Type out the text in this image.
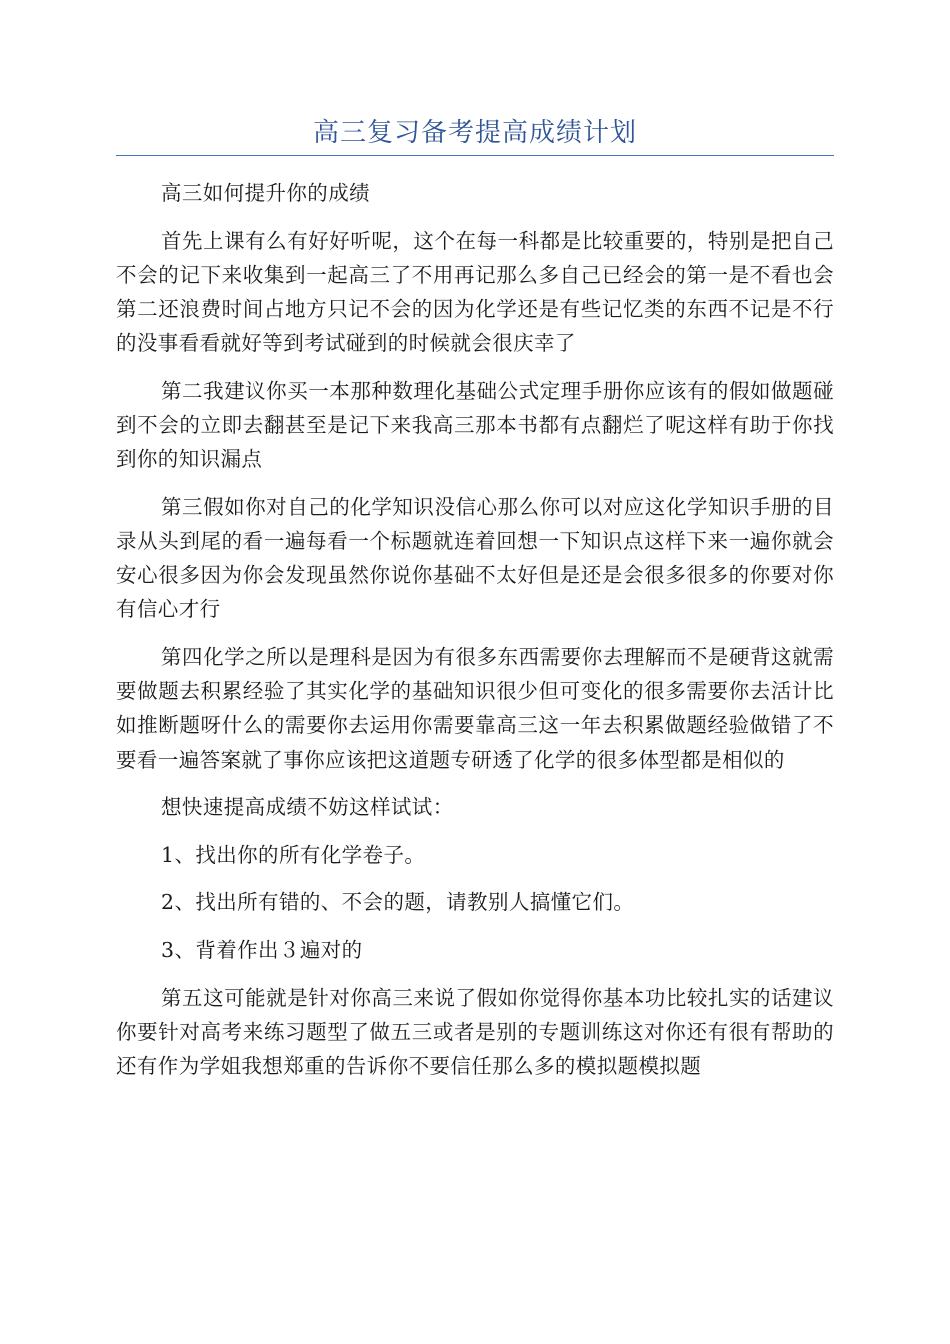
高三复习备考提高成绩计划

高三如何提升你的成绩

首先上课有么有好好听呢，这个在每一科都是比较重要的，特别是把自己不会的记下来收集到一起高三了不用再记那么多自己已经会的第一是不看也会第二还浪费时间占地方只记不会的因为化学还是有些记忆类的东西不记是不行的没事看看就好等到考试碰到的时候就会很庆幸了

第二我建议你买一本那种数理化基础公式定理手册你应该有的假如做题碰到不会的立即去翻甚至是记下来我高三那本书都有点翻烂了呢这样有助于你找到你的知识漏点

第三假如你对自己的化学知识没信心那么你可以对应这化学知识手册的目录从头到尾的看一遍每看一个标题就连着回想一下知识点这样下来一遍你就会安心很多因为你会发现虽然你说你基础不太好但是还是会很多很多的你要对你有信心才行

第四化学之所以是理科是因为有很多东西需要你去理解而不是硬背这就需要做题去积累经验了其实化学的基础知识很少但可变化的很多需要你去活计比如推断题呀什么的需要你去运用你需要靠高三这一年去积累做题经验做错了不要看一遍答案就了事你应该把这道题专研透了化学的很多体型都是相似的

想快速提高成绩不妨这样试试：

1、找出你的所有化学卷子。

2、找出所有错的、不会的题，请教别人搞懂它们。

3、背着作出３遍对的

第五这可能就是针对你高三来说了假如你觉得你基本功比较扎实的话建议你要针对高考来练习题型了做五三或者是别的专题训练这对你还有很有帮助的还有作为学姐我想郑重的告诉你不要信任那么多的模拟题模拟题
